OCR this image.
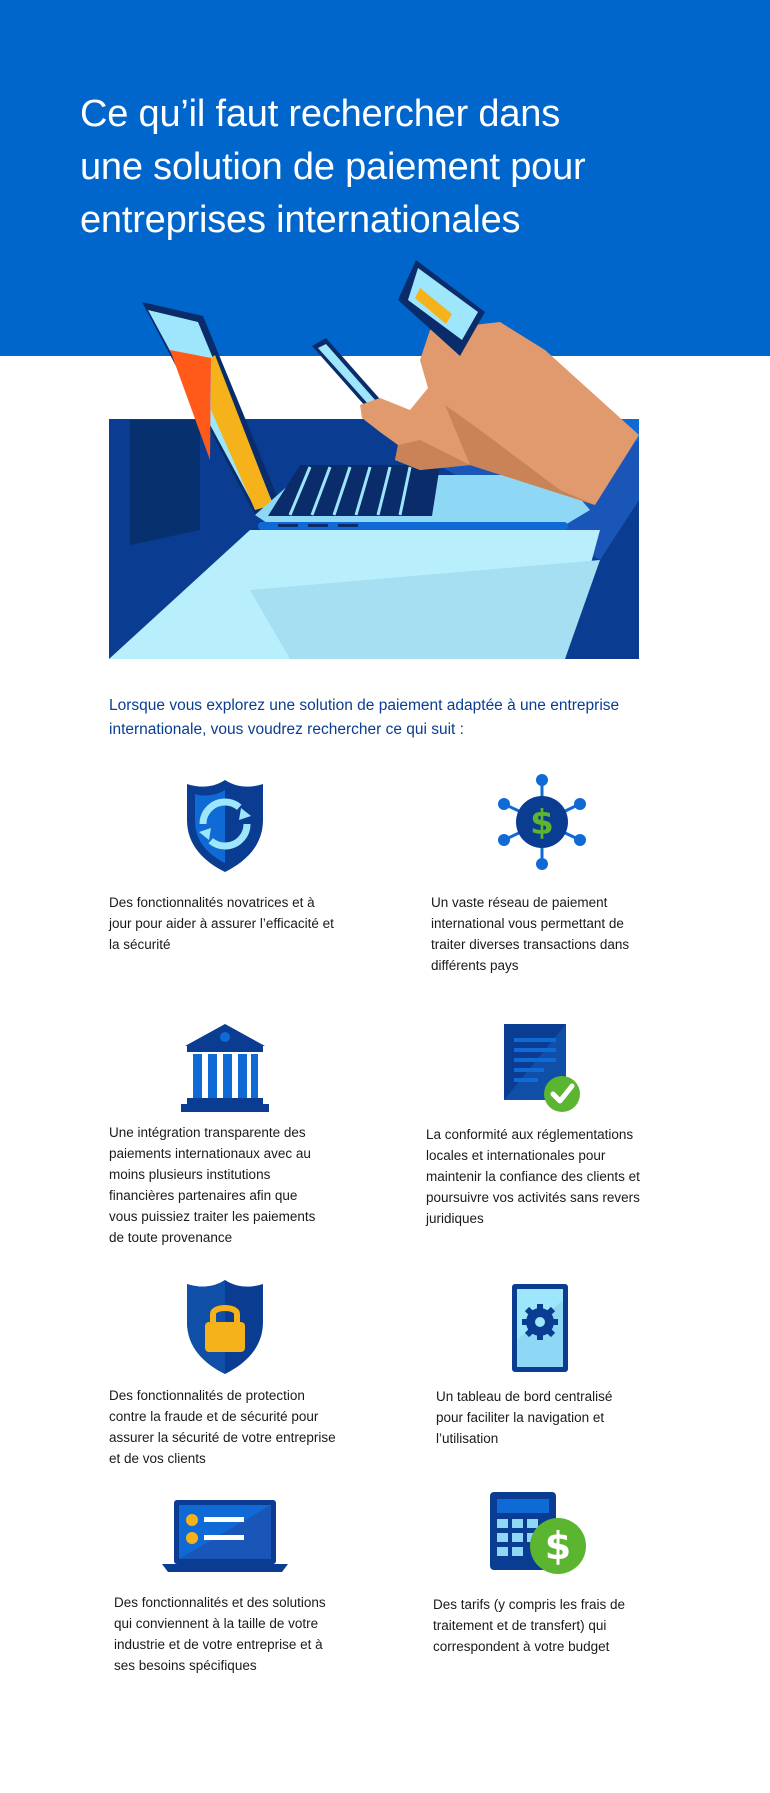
Ce qu’il faut rechercher dans
une solution de paiement pour
entreprises internationales

Lorsque vous explorez une solution de paiement adaptée à une entreprise internationale, vous voudrez rechercher ce qui suit :

Des fonctionnalités novatrices et à jour pour aider à assurer l’efficacité et la sécurité

$

Un vaste réseau de paiement international vous permettant de traiter diverses transactions dans différents pays

Une intégration transparente des paiements internationaux avec au moins plusieurs institutions financières partenaires afin que vous puissiez traiter les paiements de toute provenance

La conformité aux réglementations locales et internationales pour maintenir la confiance des clients et poursuivre vos activités sans revers juridiques

Des fonctionnalités de protection contre la fraude et de sécurité pour assurer la sécurité de votre entreprise et de vos clients

Un tableau de bord centralisé pour faciliter la navigation et l’utilisation

Des fonctionnalités et des solutions qui conviennent à la taille de votre industrie et de votre entreprise et à ses besoins spécifiques

$

Des tarifs (y compris les frais de traitement et de transfert) qui correspondent à votre budget
